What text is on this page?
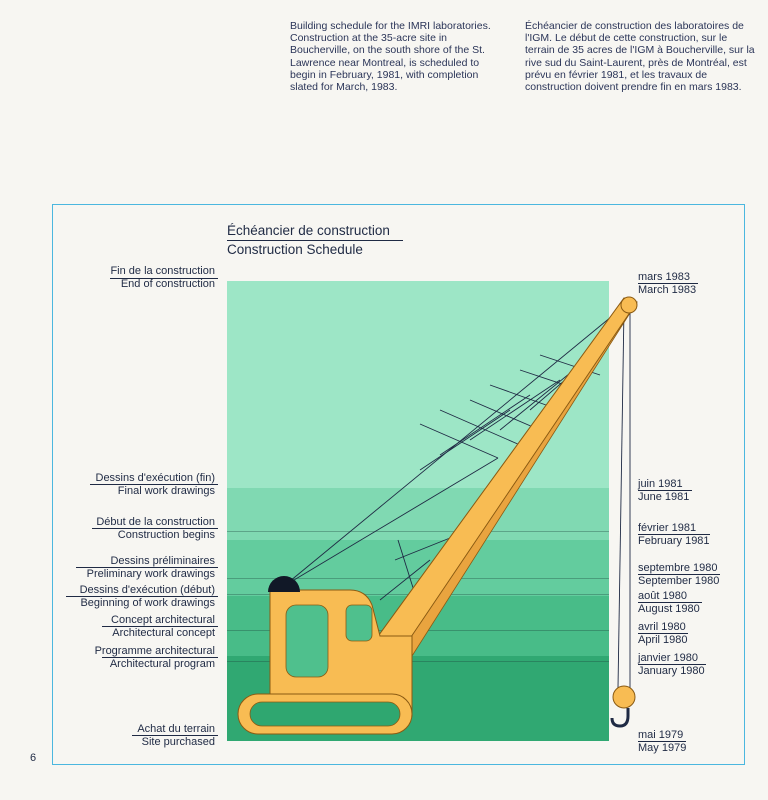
Building schedule for the IMRI laboratories. Construction at the 35-acre site in Boucherville, on the south shore of the St. Lawrence near Montreal, is scheduled to begin in February, 1981, with completion slated for March, 1983.
Échéancier de construction des laboratoires de l'IGM. Le début de cette construction, sur le terrain de 35 acres de l'IGM à Boucherville, sur la rive sud du Saint-Laurent, près de Montréal, est prévu en février 1981, et les travaux de construction doivent prendre fin en mars 1983.
Échéancier de construction
Construction Schedule
Fin de la construction
End of construction
Dessins d'exécution (fin)
Final work drawings
Début de la construction
Construction begins
Dessins préliminaires
Preliminary work drawings
Dessins d'exécution (début)
Beginning of work drawings
Concept architectural
Architectural concept
Programme architectural
Architectural program
Achat du terrain
Site purchased
mars 1983
March 1983
juin 1981
June 1981
février 1981
February 1981
septembre 1980
September 1980
août 1980
August 1980
avril 1980
April 1980
janvier 1980
January 1980
mai 1979
May 1979
6
